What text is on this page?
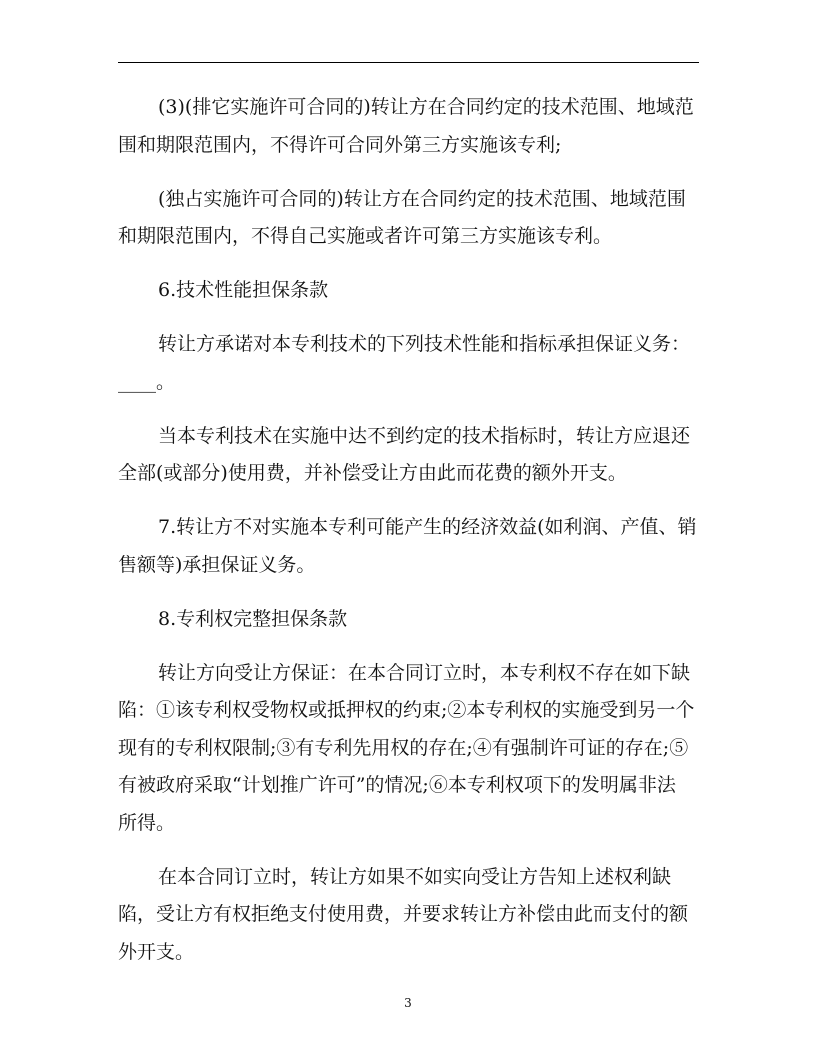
(3)(排它实施许可合同的)转让方在合同约定的技术范围、地域范
围和期限范围内，不得许可合同外第三方实施该专利;
(独占实施许可合同的)转让方在合同约定的技术范围、地域范围
和期限范围内，不得自己实施或者许可第三方实施该专利。
6.技术性能担保条款
转让方承诺对本专利技术的下列技术性能和指标承担保证义务：
____。
当本专利技术在实施中达不到约定的技术指标时，转让方应退还
全部(或部分)使用费，并补偿受让方由此而花费的额外开支。
7.转让方不对实施本专利可能产生的经济效益(如利润、产值、销
售额等)承担保证义务。
8.专利权完整担保条款
转让方向受让方保证：在本合同订立时，本专利权不存在如下缺
陷：①该专利权受物权或抵押权的约束;②本专利权的实施受到另一个
现有的专利权限制;③有专利先用权的存在;④有强制许可证的存在;⑤
有被政府采取“计划推广许可”的情况;⑥本专利权项下的发明属非法
所得。
在本合同订立时，转让方如果不如实向受让方告知上述权利缺
陷，受让方有权拒绝支付使用费，并要求转让方补偿由此而支付的额
外开支。
3
